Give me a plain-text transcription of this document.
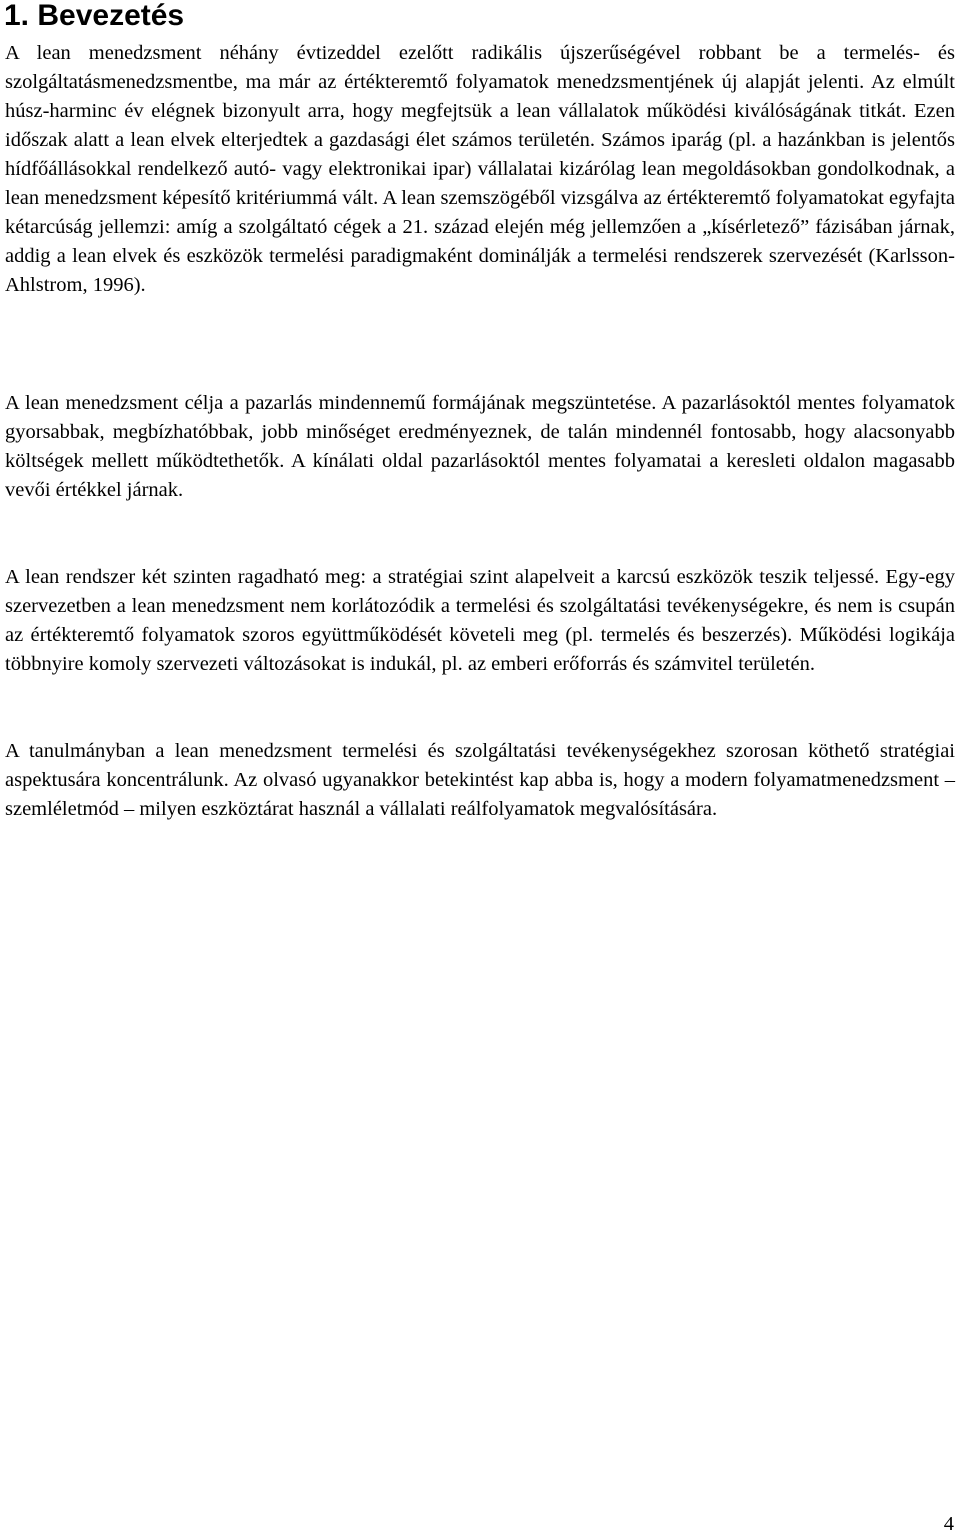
1. Bevezetés

A lean menedzsment néhány évtizeddel ezelőtt radikális újszerűségével robbant be a termelés- és szolgáltatásmenedzsmentbe, ma már az értékteremtő folyamatok menedzsmentjének új alapját jelenti. Az elmúlt húsz-harminc év elégnek bizonyult arra, hogy megfejtsük a lean vállalatok működési kiválóságának titkát. Ezen időszak alatt a lean elvek elterjedtek a gazdasági élet számos területén. Számos iparág (pl. a hazánkban is jelentős hídfőállásokkal rendelkező autó- vagy elektronikai ipar) vállalatai kizárólag lean megoldásokban gondolkodnak, a lean menedzsment képesítő kritériummá vált. A lean szemszögéből vizsgálva az értékteremtő folyamatokat egyfajta kétarcúság jellemzi: amíg a szolgáltató cégek a 21. század elején még jellemzően a „kísérletező” fázisában járnak, addig a lean elvek és eszközök termelési paradigmaként dominálják a termelési rendszerek szervezését (Karlsson-Ahlstrom, 1996).

A lean menedzsment célja a pazarlás mindennemű formájának megszüntetése. A pazarlásoktól mentes folyamatok gyorsabbak, megbízhatóbbak, jobb minőséget eredményeznek, de talán mindennél fontosabb, hogy alacsonyabb költségek mellett működtethetők. A kínálati oldal pazarlásoktól mentes folyamatai a keresleti oldalon magasabb vevői értékkel járnak.

A lean rendszer két szinten ragadható meg: a stratégiai szint alapelveit a karcsú eszközök teszik teljessé. Egy-egy szervezetben a lean menedzsment nem korlátozódik a termelési és szolgáltatási tevékenységekre, és nem is csupán az értékteremtő folyamatok szoros együttműködését követeli meg (pl. termelés és beszerzés). Működési logikája többnyire komoly szervezeti változásokat is indukál, pl. az emberi erőforrás és számvitel területén.

A tanulmányban a lean menedzsment termelési és szolgáltatási tevékenységekhez szorosan köthető stratégiai aspektusára koncentrálunk. Az olvasó ugyanakkor betekintést kap abba is, hogy a modern folyamatmenedzsment – szemléletmód – milyen eszköztárat használ a vállalati reálfolyamatok megvalósítására.

4
